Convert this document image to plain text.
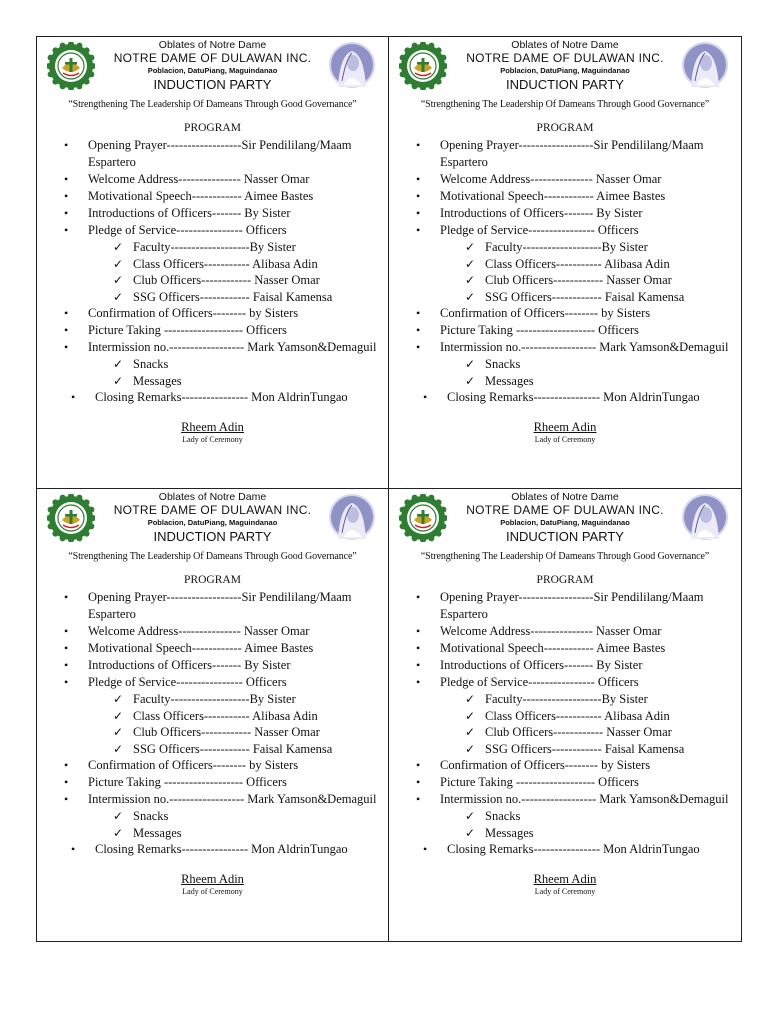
Oblates of Notre Dame
NOTRE DAME OF DULAWAN INC.
Poblacion, DatuPiang, Maguindanao
INDUCTION PARTY
“Strengthening The Leadership Of Dameans Through Good Governance”
PROGRAM
• Opening Prayer------------------Sir Pendililang/Maam Espartero
• Welcome Address--------------- Nasser Omar
• Motivational Speech------------ Aimee Bastes
• Introductions of Officers------- By Sister
• Pledge of Service---------------- Officers
✓ Faculty-------------------By Sister
✓ Class Officers----------- Alibasa Adin
✓ Club Officers------------ Nasser Omar
✓ SSG Officers------------ Faisal Kamensa
• Confirmation of Officers-------- by Sisters
• Picture Taking ------------------- Officers
• Intermission no.------------------ Mark Yamson&Demaguil
✓ Snacks
✓ Messages
• Closing Remarks---------------- Mon AldrinTungao
Rheem Adin
Lady of Ceremony
Oblates of Notre Dame
NOTRE DAME OF DULAWAN INC.
Poblacion, DatuPiang, Maguindanao
INDUCTION PARTY
“Strengthening The Leadership Of Dameans Through Good Governance”
PROGRAM
• Opening Prayer------------------Sir Pendililang/Maam Espartero
• Welcome Address--------------- Nasser Omar
• Motivational Speech------------ Aimee Bastes
• Introductions of Officers------- By Sister
• Pledge of Service---------------- Officers
✓ Faculty-------------------By Sister
✓ Class Officers----------- Alibasa Adin
✓ Club Officers------------ Nasser Omar
✓ SSG Officers------------ Faisal Kamensa
• Confirmation of Officers-------- by Sisters
• Picture Taking ------------------- Officers
• Intermission no.------------------ Mark Yamson&Demaguil
✓ Snacks
✓ Messages
• Closing Remarks---------------- Mon AldrinTungao
Rheem Adin
Lady of Ceremony
Oblates of Notre Dame
NOTRE DAME OF DULAWAN INC.
Poblacion, DatuPiang, Maguindanao
INDUCTION PARTY
“Strengthening The Leadership Of Dameans Through Good Governance”
PROGRAM
• Opening Prayer------------------Sir Pendililang/Maam Espartero
• Welcome Address--------------- Nasser Omar
• Motivational Speech------------ Aimee Bastes
• Introductions of Officers------- By Sister
• Pledge of Service---------------- Officers
✓ Faculty-------------------By Sister
✓ Class Officers----------- Alibasa Adin
✓ Club Officers------------ Nasser Omar
✓ SSG Officers------------ Faisal Kamensa
• Confirmation of Officers-------- by Sisters
• Picture Taking ------------------- Officers
• Intermission no.------------------ Mark Yamson&Demaguil
✓ Snacks
✓ Messages
• Closing Remarks---------------- Mon AldrinTungao
Rheem Adin
Lady of Ceremony
Oblates of Notre Dame
NOTRE DAME OF DULAWAN INC.
Poblacion, DatuPiang, Maguindanao
INDUCTION PARTY
“Strengthening The Leadership Of Dameans Through Good Governance”
PROGRAM
• Opening Prayer------------------Sir Pendililang/Maam Espartero
• Welcome Address--------------- Nasser Omar
• Motivational Speech------------ Aimee Bastes
• Introductions of Officers------- By Sister
• Pledge of Service---------------- Officers
✓ Faculty-------------------By Sister
✓ Class Officers----------- Alibasa Adin
✓ Club Officers------------ Nasser Omar
✓ SSG Officers------------ Faisal Kamensa
• Confirmation of Officers-------- by Sisters
• Picture Taking ------------------- Officers
• Intermission no.------------------ Mark Yamson&Demaguil
✓ Snacks
✓ Messages
• Closing Remarks---------------- Mon AldrinTungao
Rheem Adin
Lady of Ceremony
